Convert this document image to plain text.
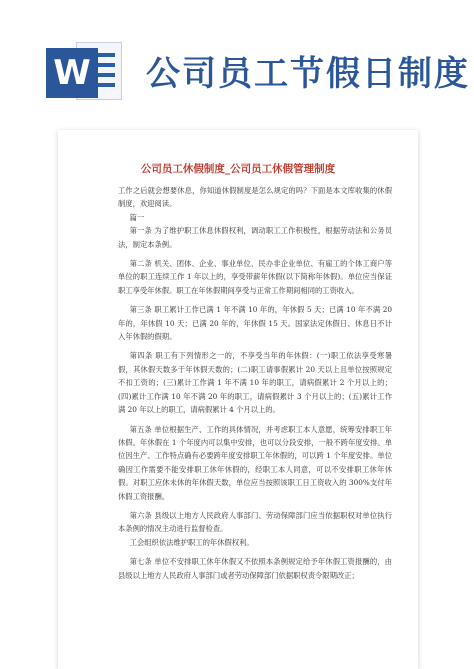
W 公司员工节假日制度
公司员工休假制度_公司员工休假管理制度

工作之后就会想要休息，你知道休假制度是怎么规定的吗？下面是本文库收集的休假制度，欢迎阅读。

篇一

第一条 为了维护职工休息休假权利，调动职工工作积极性，根据劳动法和公务员法，制定本条例。

第二条 机关、团体、企业、事业单位、民办非企业单位、有雇工的个体工商户等单位的职工连续工作 1 年以上的，享受带薪年休假(以下简称年休假)。单位应当保证职工享受年休假。职工在年休假期间享受与正常工作期间相同的工资收入。

第三条 职工累计工作已满 1 年不满 10 年的，年休假 5 天；已满 10 年不满 20 年的，年休假 10 天；已满 20 年的，年休假 15 天。国家法定休假日、休息日不计入年休假的假期。

第四条 职工有下列情形之一的，不享受当年的年休假：(一)职工依法享受寒暑假，其休假天数多于年休假天数的；(二)职工请事假累计 20 天以上且单位按照规定不扣工资的；(三)累计工作满 1 年不满 10 年的职工，请病假累计 2 个月以上的；(四)累计工作满 10 年不满 20 年的职工，请病假累计 3 个月以上的；(五)累计工作满 20 年以上的职工，请病假累计 4 个月以上的。

第五条 单位根据生产、工作的具体情况，并考虑职工本人意愿，统筹安排职工年休假。年休假在 1 个年度内可以集中安排，也可以分段安排，一般不跨年度安排。单位因生产、工作特点确有必要跨年度安排职工年休假的，可以跨 1 个年度安排。单位确因工作需要不能安排职工休年休假的，经职工本人同意，可以不安排职工休年休假。对职工应休未休的年休假天数，单位应当按照该职工日工资收入的 300%支付年休假工资报酬。

第六条 县级以上地方人民政府人事部门、劳动保障部门应当依据职权对单位执行本条例的情况主动进行监督检查。

工会组织依法维护职工的年休假权利。

第七条 单位不安排职工休年休假又不依照本条例规定给予年休假工资报酬的，由县级以上地方人民政府人事部门或者劳动保障部门依据职权责令限期改正；
